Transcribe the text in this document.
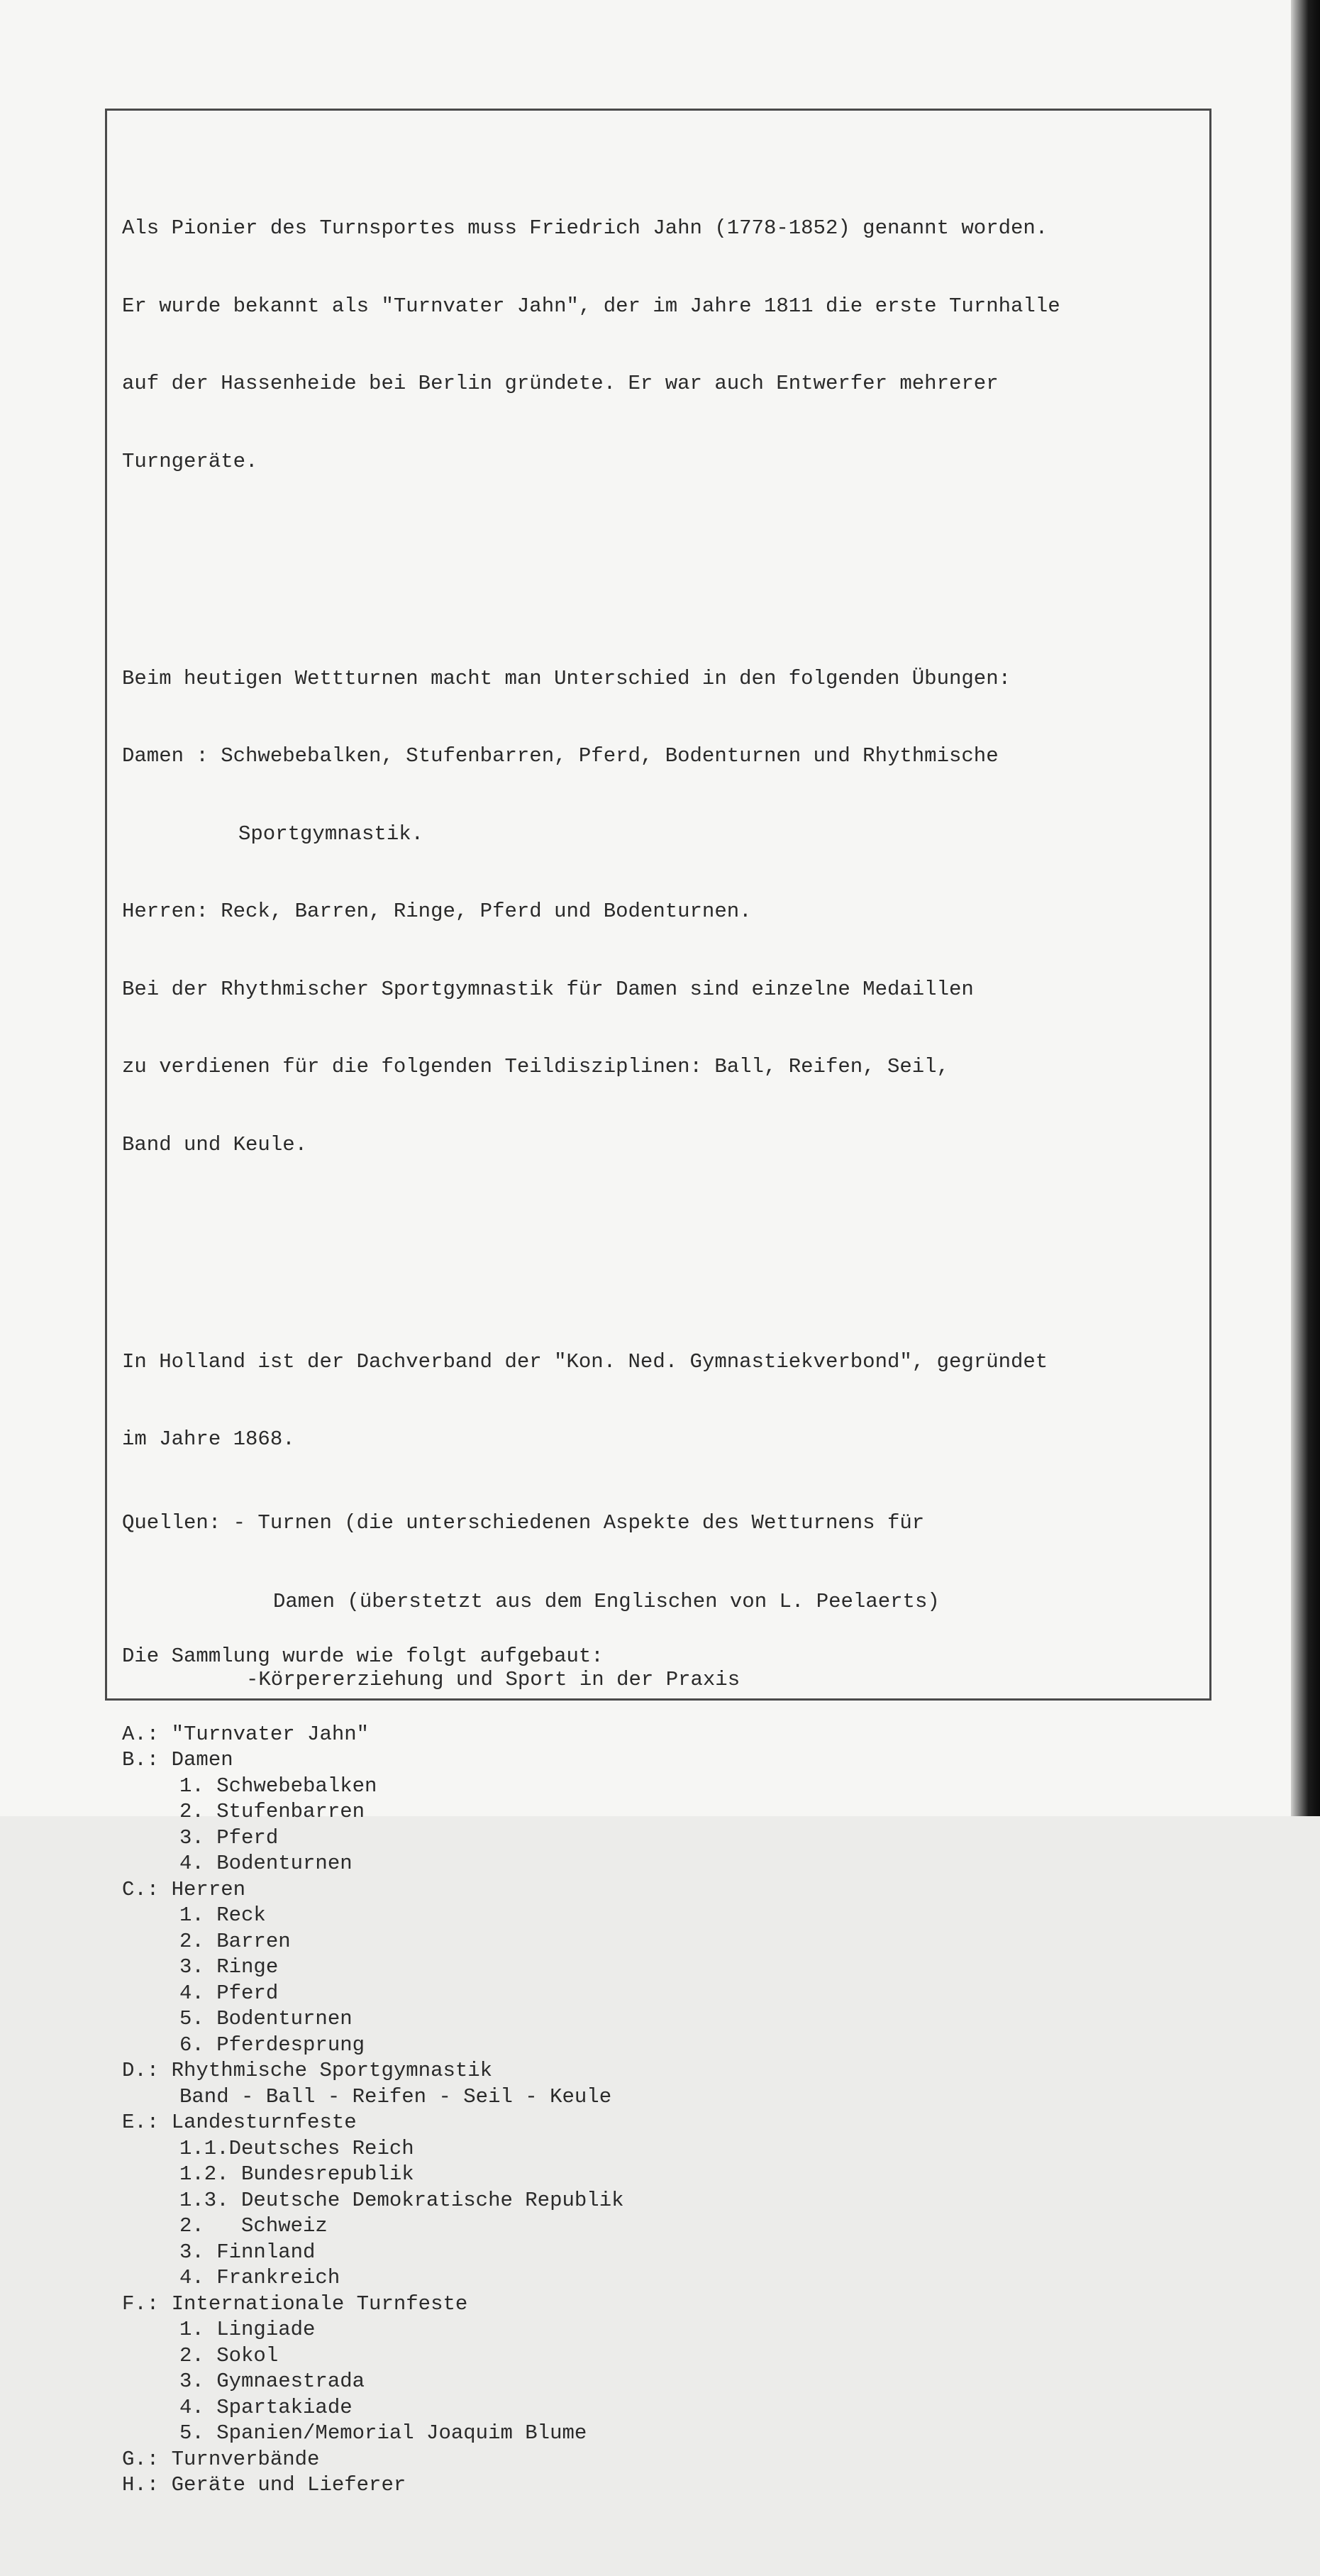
Als Pionier des Turnsportes muss Friedrich Jahn (1778-1852) genannt worden.

Er wurde bekannt als "Turnvater Jahn", der im Jahre 1811 die erste Turnhalle

auf der Hassenheide bei Berlin gründete. Er war auch Entwerfer mehrerer

Turngeräte.

Beim heutigen Wettturnen macht man Unterschied in den folgenden Übungen:

Damen : Schwebebalken, Stufenbarren, Pferd, Bodenturnen und Rhythmische

Sportgymnastik.

Herren: Reck, Barren, Ringe, Pferd und Bodenturnen.

Bei der Rhythmischer Sportgymnastik für Damen sind einzelne Medaillen

zu verdienen für die folgenden Teildisziplinen: Ball, Reifen, Seil,

Band und Keule.

In Holland ist der Dachverband der "Kon. Ned. Gymnastiekverbond", gegründet

im Jahre 1868.

Die Sammlung wurde wie folgt aufgebaut:

A.: "Turnvater Jahn"
B.: Damen
1. Schwebebalken
2. Stufenbarren
3. Pferd
4. Bodenturnen
C.: Herren
1. Reck
2. Barren
3. Ringe
4. Pferd
5. Bodenturnen
6. Pferdesprung
D.: Rhythmische Sportgymnastik
Band - Ball - Reifen - Seil - Keule
E.: Landesturnfeste
1.1.Deutsches Reich
1.2. Bundesrepublik
1.3. Deutsche Demokratische Republik
2.   Schweiz
3. Finnland
4. Frankreich
F.: Internationale Turnfeste
1. Lingiade
2. Sokol
3. Gymnaestrada
4. Spartakiade
5. Spanien/Memorial Joaquim Blume
G.: Turnverbände
H.: Geräte und Lieferer

Quellen: - Turnen (die unterschiedenen Aspekte des Wetturnens für

Damen (überstetzt aus dem Englischen von L. Peelaerts)

-Körpererziehung und Sport in der Praxis
